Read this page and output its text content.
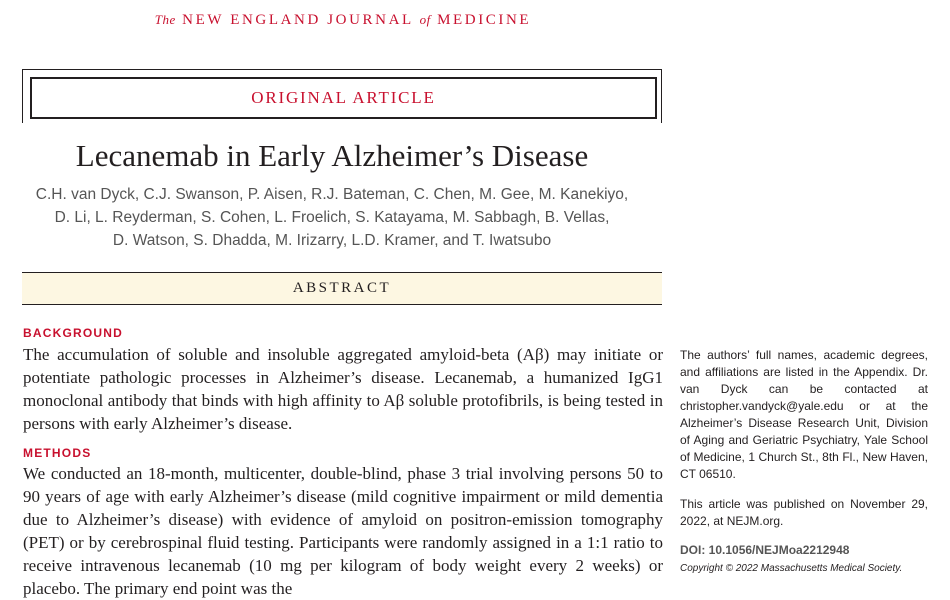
The NEW ENGLAND JOURNAL of MEDICINE
ORIGINAL ARTICLE
Lecanemab in Early Alzheimer’s Disease
C.H. van Dyck, C.J. Swanson, P. Aisen, R.J. Bateman, C. Chen, M. Gee, M. Kanekiyo,
D. Li, L. Reyderman, S. Cohen, L. Froelich, S. Katayama, M. Sabbagh, B. Vellas,
D. Watson, S. Dhadda, M. Irizarry, L.D. Kramer, and T. Iwatsubo
ABSTRACT
BACKGROUND

The accumulation of soluble and insoluble aggregated amyloid-beta (Aβ) may initiate or potentiate pathologic processes in Alzheimer’s disease. Lecanemab, a humanized IgG1 monoclonal antibody that binds with high affinity to Aβ soluble protofibrils, is being tested in persons with early Alzheimer’s disease.

METHODS

We conducted an 18-month, multicenter, double-blind, phase 3 trial involving persons 50 to 90 years of age with early Alzheimer’s disease (mild cognitive impairment or mild dementia due to Alzheimer’s disease) with evidence of amyloid on positron-emission tomography (PET) or by cerebrospinal fluid testing. Participants were randomly assigned in a 1:1 ratio to receive intravenous lecanemab (10 mg per kilogram of body weight every 2 weeks) or placebo. The primary end point was the

The authors’ full names, academic degrees, and affiliations are listed in the Appendix. Dr. van Dyck can be contacted at christopher.vandyck@yale.edu or at the Alzheimer’s Disease Research Unit, Division of Aging and Geriatric Psychiatry, Yale School of Medicine, 1 Church St., 8th Fl., New Haven, CT 06510.

This article was published on November 29, 2022, at NEJM.org.

DOI: 10.1056/NEJMoa2212948
Copyright © 2022 Massachusetts Medical Society.
